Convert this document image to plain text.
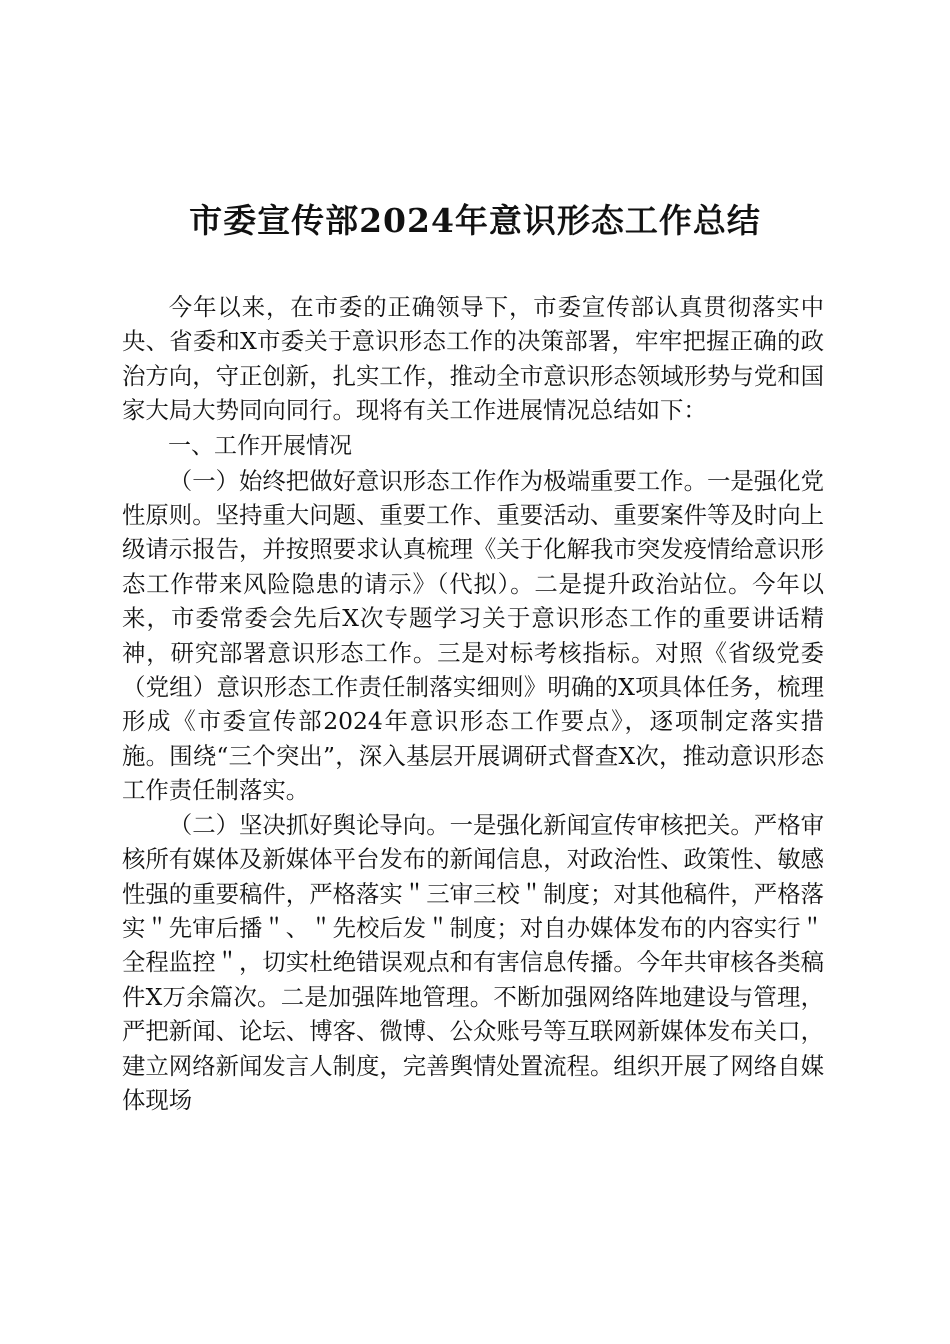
市委宣传部2024年意识形态工作总结

今年以来，在市委的正确领导下，市委宣传部认真贯彻落实中央、省委和X市委关于意识形态工作的决策部署，牢牢把握正确的政治方向，守正创新，扎实工作，推动全市意识形态领域形势与党和国家大局大势同向同行。现将有关工作进展情况总结如下：

一、工作开展情况

（一）始终把做好意识形态工作作为极端重要工作。一是强化党性原则。坚持重大问题、重要工作、重要活动、重要案件等及时向上级请示报告，并按照要求认真梳理《关于化解我市突发疫情给意识形态工作带来风险隐患的请示》（代拟）。二是提升政治站位。今年以来，市委常委会先后X次专题学习关于意识形态工作的重要讲话精神，研究部署意识形态工作。三是对标考核指标。对照《省级党委（党组）意识形态工作责任制落实细则》明确的X项具体任务，梳理形成《市委宣传部2024年意识形态工作要点》，逐项制定落实措施。围绕“三个突出”，深入基层开展调研式督查X次，推动意识形态工作责任制落实。

（二）坚决抓好舆论导向。一是强化新闻宣传审核把关。严格审核所有媒体及新媒体平台发布的新闻信息，对政治性、政策性、敏感性强的重要稿件，严格落实＂三审三校＂制度；对其他稿件，严格落实＂先审后播＂、＂先校后发＂制度；对自办媒体发布的内容实行＂全程监控＂，切实杜绝错误观点和有害信息传播。今年共审核各类稿件X万余篇次。二是加强阵地管理。不断加强网络阵地建设与管理，严把新闻、论坛、博客、微博、公众账号等互联网新媒体发布关口，建立网络新闻发言人制度，完善舆情处置流程。组织开展了网络自媒体现场
